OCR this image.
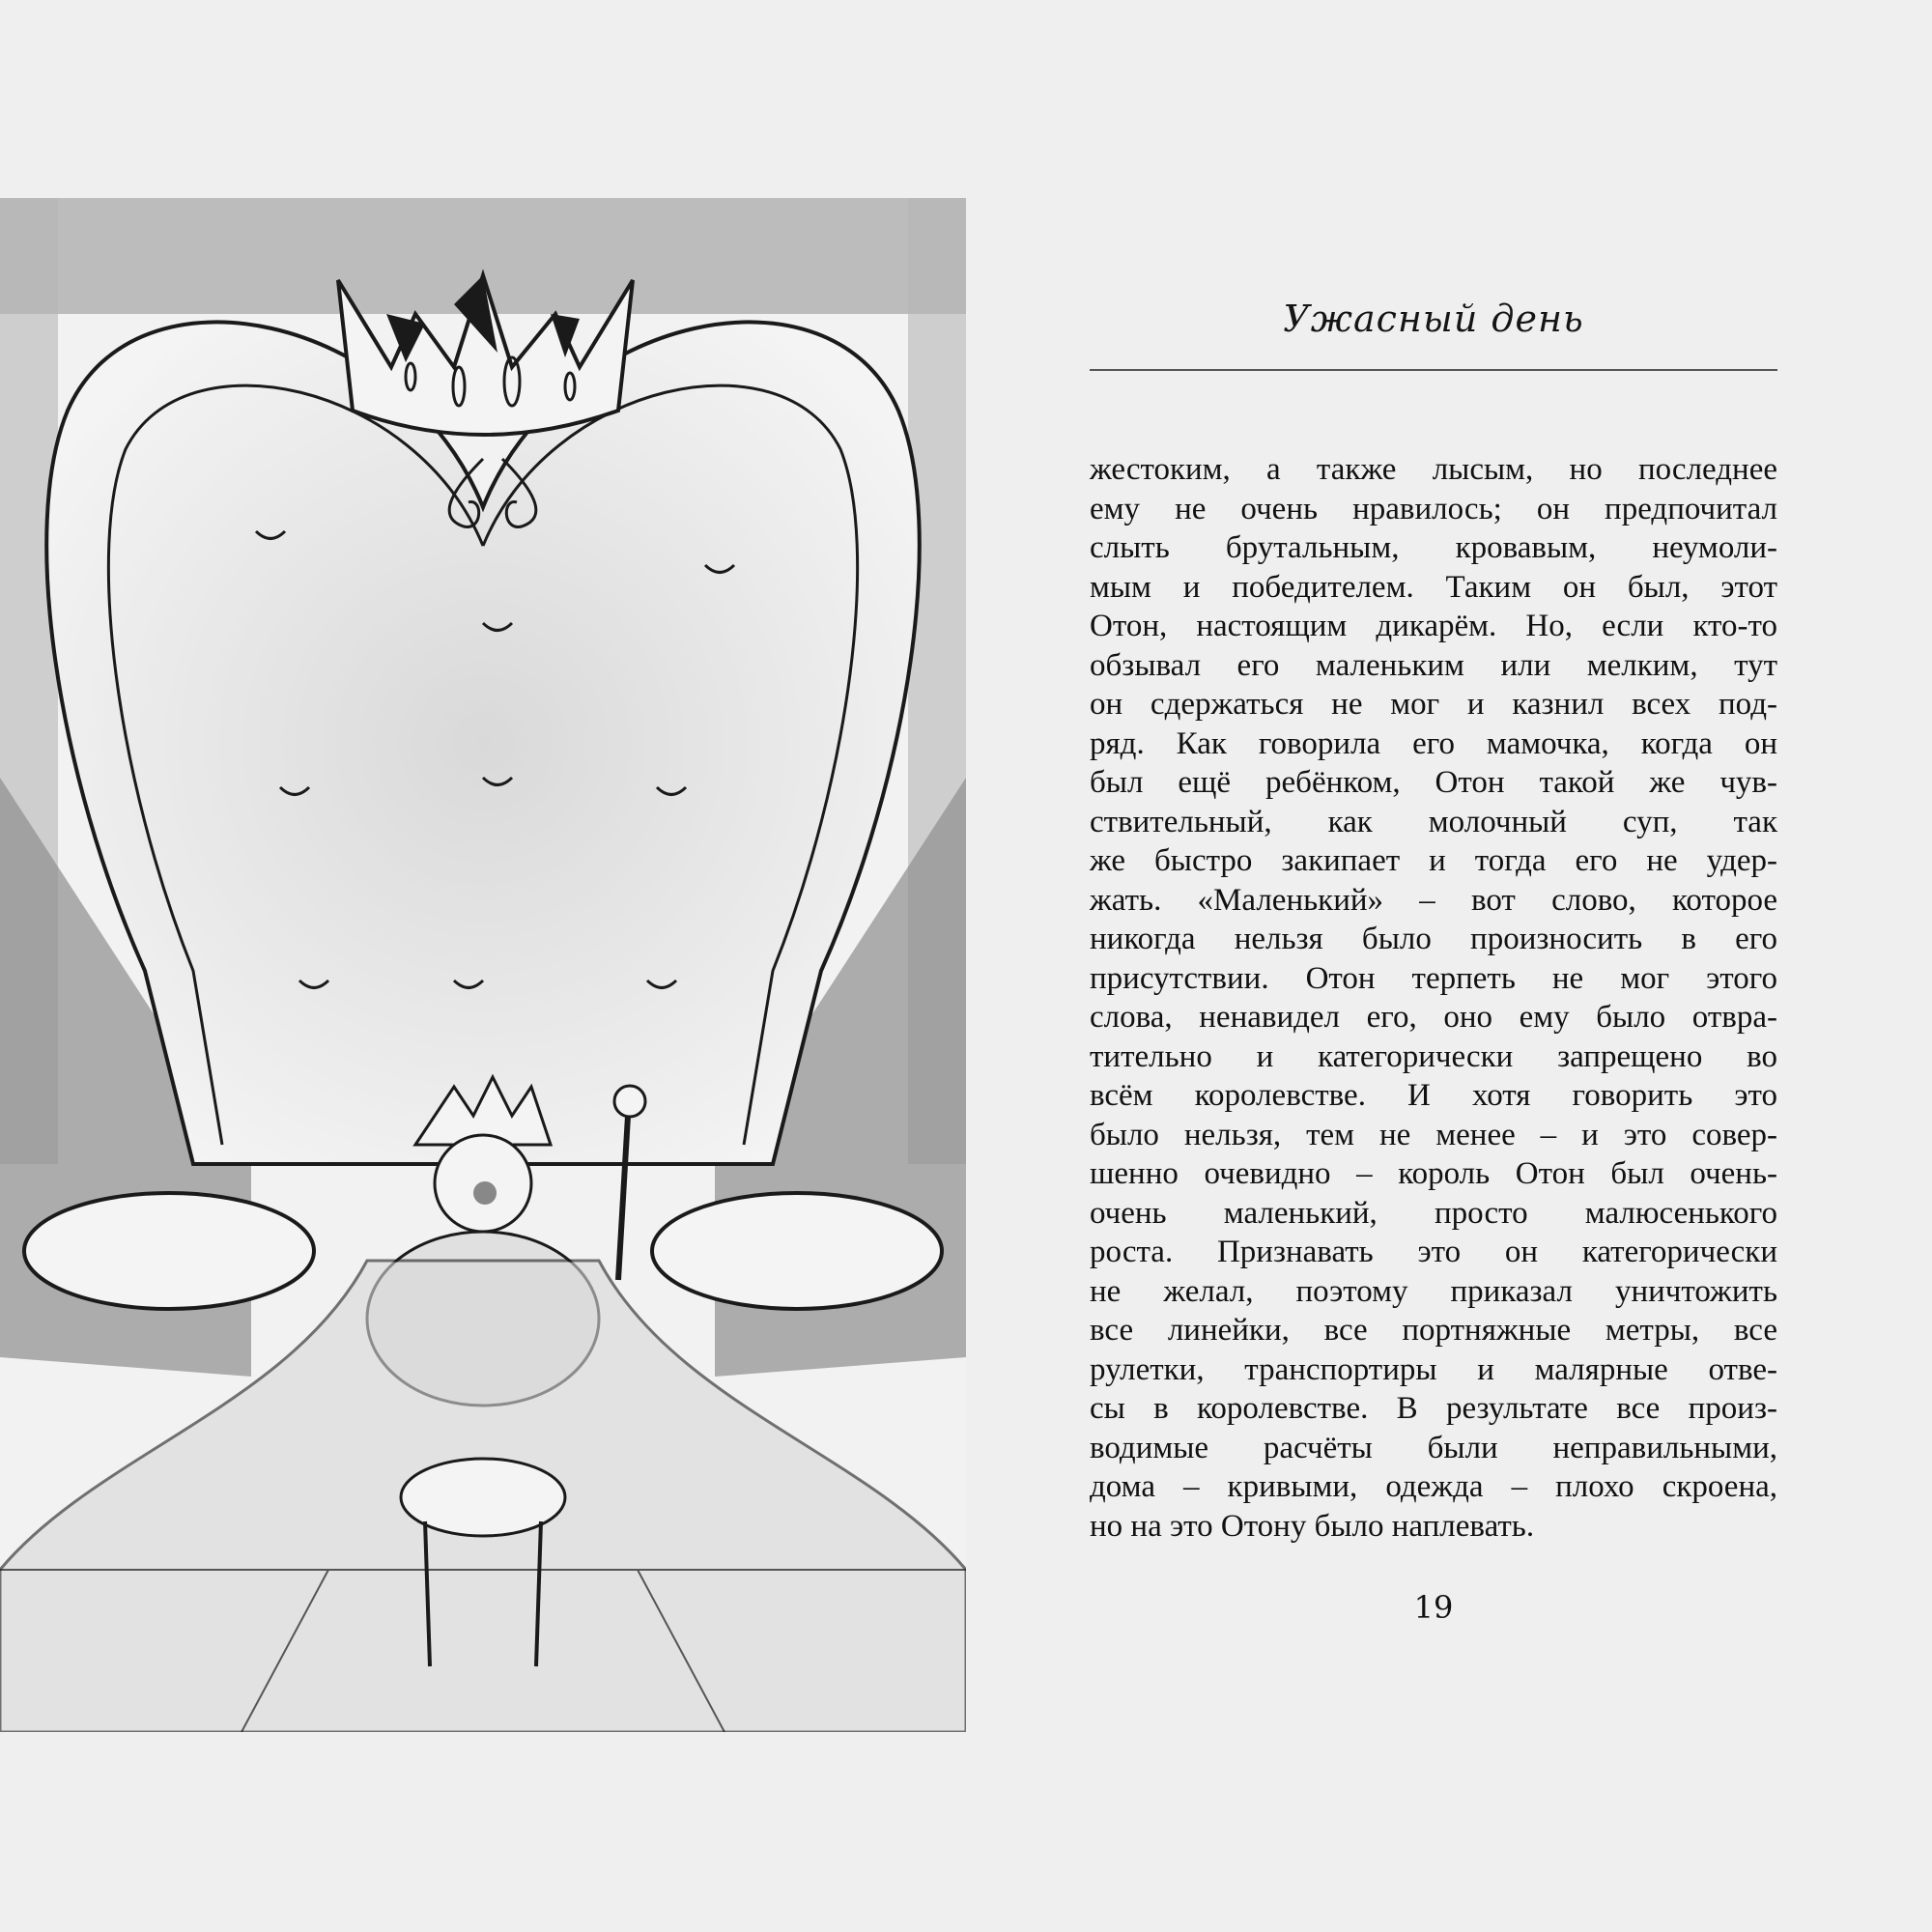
Ужасный день
жестоким, а также лысым, но последнее
ему не очень нравилось; он предпочитал
слыть брутальным, кровавым, неумоли-
мым и победителем. Таким он был, этот
Отон, настоящим дикарём. Но, если кто-то
обзывал его маленьким или мелким, тут
он сдержаться не мог и казнил всех под-
ряд. Как говорила его мамочка, когда он
был ещё ребёнком, Отон такой же чув-
ствительный, как молочный суп, так
же быстро закипает и тогда его не удер-
жать. «Маленький» – вот слово, которое
никогда нельзя было произносить в его
присутствии. Отон терпеть не мог этого
слова, ненавидел его, оно ему было отвра-
тительно и категорически запрещено во
всём королевстве. И хотя говорить это
было нельзя, тем не менее – и это совер-
шенно очевидно – король Отон был очень-
очень маленький, просто малюсенького
роста. Признавать это он категорически
не желал, поэтому приказал уничтожить
все линейки, все портняжные метры, все
рулетки, транспортиры и малярные отве-
сы в королевстве. В результате все произ-
водимые расчёты были неправильными,
дома – кривыми, одежда – плохо скроена,
но на это Отону было наплевать.
19
